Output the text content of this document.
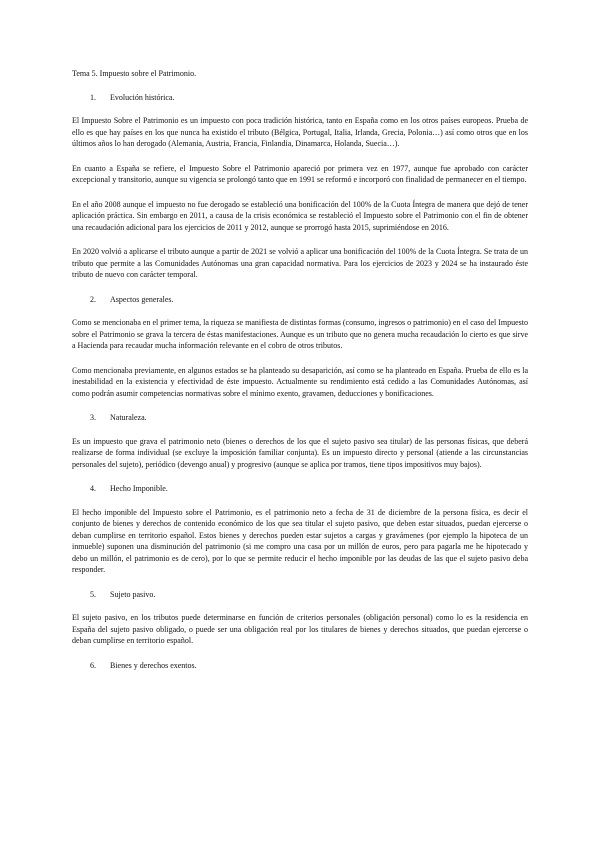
Tema 5. Impuesto sobre el Patrimonio.

1.	Evolución histórica.

El Impuesto Sobre el Patrimonio es un impuesto con poca tradición histórica, tanto en España como en los otros países europeos. Prueba de ello es que hay países en los que nunca ha existido el tributo (Bélgica, Portugal, Italia, Irlanda, Grecia, Polonia…) así como otros que en los últimos años lo han derogado (Alemania, Austria, Francia, Finlandia, Dinamarca, Holanda, Suecia…).

En cuanto a España se refiere, el Impuesto Sobre el Patrimonio apareció por primera vez en 1977, aunque fue aprobado con carácter excepcional y transitorio, aunque su vigencia se prolongó tanto que en 1991 se reformó e incorporó con finalidad de permanecer en el tiempo.

En el año 2008 aunque el impuesto no fue derogado se estableció una bonificación del 100% de la Cuota Íntegra de manera que dejó de tener aplicación práctica. Sin embargo en 2011, a causa de la crisis económica se restableció el Impuesto sobre el Patrimonio con el fin de obtener una recaudación adicional para los ejercicios de 2011 y 2012, aunque se prorrogó hasta 2015, suprimiéndose en 2016.

En 2020 volvió a aplicarse el tributo aunque a partir de 2021 se volvió a aplicar una bonificación del 100% de la Cuota Íntegra. Se trata de un tributo que permite a las Comunidades Autónomas una gran capacidad normativa. Para los ejercicios de 2023 y 2024 se ha instaurado éste tributo de nuevo con carácter temporal.

2.	Aspectos generales.

Como se mencionaba en el primer tema, la riqueza se manifiesta de distintas formas (consumo, ingresos o patrimonio) en el caso del Impuesto sobre el Patrimonio se grava la tercera de éstas manifestaciones. Aunque es un tributo que no genera mucha recaudación lo cierto es que sirve a Hacienda para recaudar mucha información relevante en el cobro de otros tributos.

Como mencionaba previamente, en algunos estados se ha planteado su desaparición, así como se ha planteado en España. Prueba de ello es la inestabilidad en la existencia y efectividad de éste impuesto. Actualmente su rendimiento está cedido a las Comunidades Autónomas, así como podrán asumir competencias normativas sobre el mínimo exento, gravamen, deducciones y bonificaciones.

3.	Naturaleza.

Es un impuesto que grava el patrimonio neto (bienes o derechos de los que el sujeto pasivo sea titular) de las personas físicas, que deberá realizarse de forma individual (se excluye la imposición familiar conjunta). Es un impuesto directo y personal (atiende a las circunstancias personales del sujeto), periódico (devengo anual) y progresivo (aunque se aplica por tramos, tiene tipos impositivos muy bajos).

4.	Hecho Imponible.

El hecho imponible del Impuesto sobre el Patrimonio, es el patrimonio neto a fecha de 31 de diciembre de la persona física, es decir el conjunto de bienes y derechos de contenido económico de los que sea titular el sujeto pasivo, que deben estar situados, puedan ejercerse o deban cumplirse en territorio español. Estos bienes y derechos pueden estar sujetos a cargas y gravámenes (por ejemplo la hipoteca de un inmueble) suponen una disminución del patrimonio (si me compro una casa por un millón de euros, pero para pagarla me he hipotecado y debo un millón, el patrimonio es de cero), por lo que se permite reducir el hecho imponible por las deudas de las que el sujeto pasivo deba responder.

5.	Sujeto pasivo.

El sujeto pasivo, en los tributos puede determinarse en función de criterios personales (obligación personal) como lo es la residencia en España del sujeto pasivo obligado, o puede ser una obligación real por los titulares de bienes y derechos situados, que puedan ejercerse o deban cumplirse en territorio español.

6.	Bienes y derechos exentos.
